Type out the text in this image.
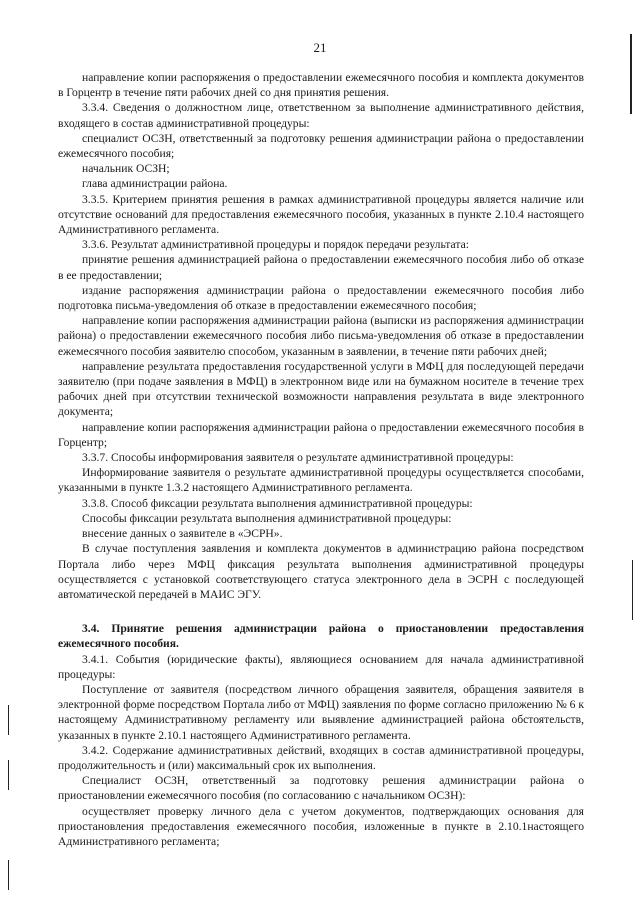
21

направление копии распоряжения о предоставлении ежемесячного пособия и комплекта документов в Горцентр в течение пяти рабочих дней со дня принятия решения.

3.3.4. Сведения о должностном лице, ответственном за выполнение административного действия, входящего в состав административной процедуры:

специалист ОСЗН, ответственный за подготовку решения администрации района о предоставлении ежемесячного пособия;

начальник ОСЗН;

глава администрации района.

3.3.5. Критерием принятия решения в рамках административной процедуры является наличие или отсутствие оснований для предоставления ежемесячного пособия, указанных в пункте 2.10.4 настоящего Административного регламента.

3.3.6. Результат административной процедуры и порядок передачи результата:

принятие решения администрацией района о предоставлении ежемесячного пособия либо об отказе в ее предоставлении;

издание распоряжения администрации района о предоставлении ежемесячного пособия либо подготовка письма-уведомления об отказе в предоставлении ежемесячного пособия;

направление копии распоряжения администрации района (выписки из распоряжения администрации района) о предоставлении ежемесячного пособия либо письма-уведомления об отказе в предоставлении ежемесячного пособия заявителю способом, указанным в заявлении, в течение пяти рабочих дней;

направление результата предоставления государственной услуги в МФЦ для последующей передачи заявителю (при подаче заявления в МФЦ) в электронном виде или на бумажном носителе в течение трех рабочих дней при отсутствии технической возможности направления результата в виде электронного документа;

направление копии распоряжения администрации района о предоставлении ежемесячного пособия в Горцентр;

3.3.7. Способы информирования заявителя о результате административной процедуры:

Информирование заявителя о результате административной процедуры осуществляется способами, указанными в пункте 1.3.2 настоящего Административного регламента.

3.3.8. Способ фиксации результата выполнения административной процедуры:

Способы фиксации результата выполнения административной процедуры:

внесение данных о заявителе в «ЭСРН».

В случае поступления заявления и комплекта документов в администрацию района посредством Портала либо через МФЦ фиксация результата выполнения административной процедуры осуществляется с установкой соответствующего статуса электронного дела в ЭСРН с последующей автоматической передачей в МАИС ЭГУ.

3.4. Принятие решения администрации района о приостановлении предоставления ежемесячного пособия.

3.4.1. События (юридические факты), являющиеся основанием для начала административной процедуры:

Поступление от заявителя (посредством личного обращения заявителя, обращения заявителя в электронной форме посредством Портала либо от МФЦ) заявления по форме согласно приложению № 6 к настоящему Административному регламенту или выявление администрацией района обстоятельств, указанных в пункте 2.10.1 настоящего Административного регламента.

3.4.2. Содержание административных действий, входящих в состав административной процедуры, продолжительность и (или) максимальный срок их выполнения.

Специалист ОСЗН, ответственный за подготовку решения администрации района о приостановлении ежемесячного пособия (по согласованию с начальником ОСЗН):

осуществляет проверку личного дела с учетом документов, подтверждающих основания для приостановления предоставления ежемесячного пособия, изложенные в пункте в 2.10.1настоящего Административного регламента;
